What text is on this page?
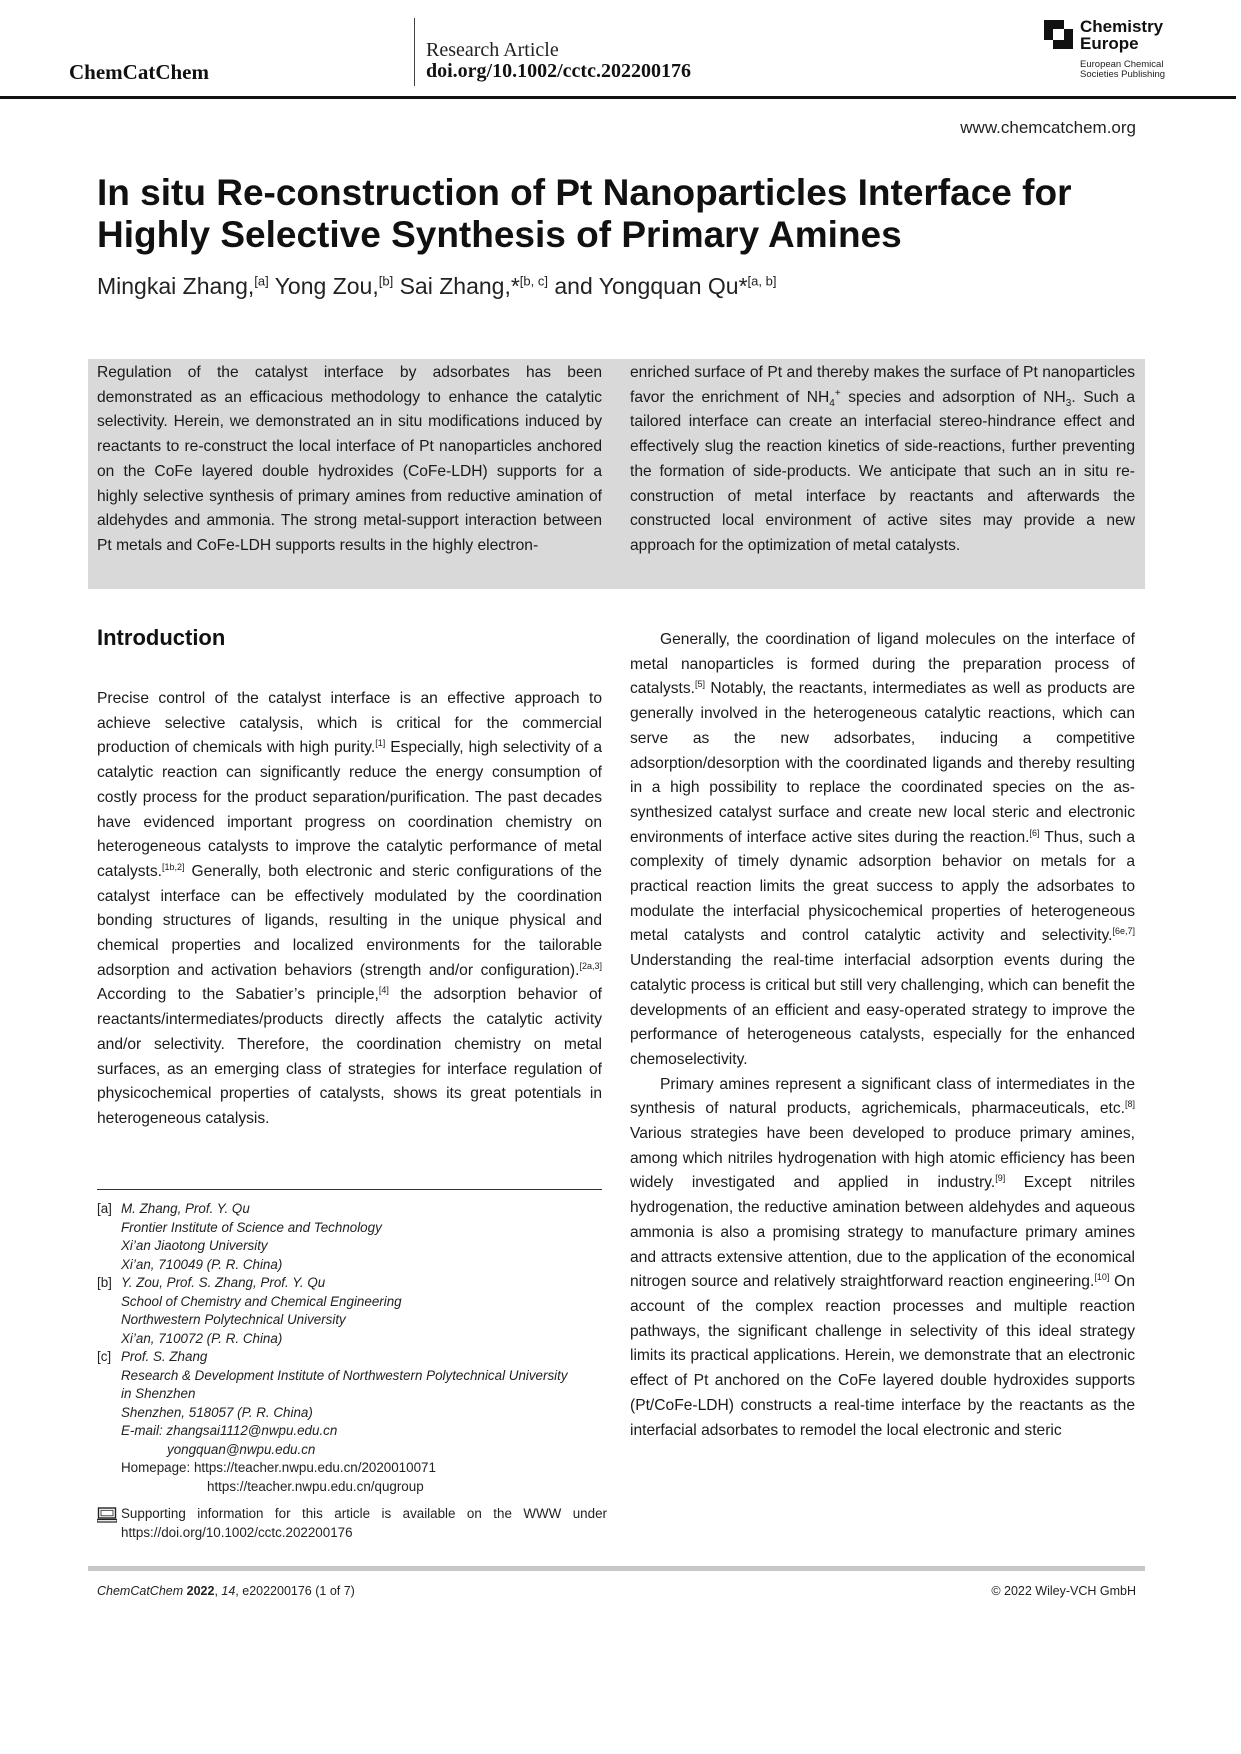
ChemCatChem
Research Article
doi.org/10.1002/cctc.202200176
Chemistry
Europe
European Chemical
Societies Publishing
www.chemcatchem.org
In situ Re-construction of Pt Nanoparticles Interface for Highly Selective Synthesis of Primary Amines
Mingkai Zhang,[a] Yong Zou,[b] Sai Zhang,*[b, c] and Yongquan Qu*[a, b]
Regulation of the catalyst interface by adsorbates has been demonstrated as an efficacious methodology to enhance the catalytic selectivity. Herein, we demonstrated an in situ modifications induced by reactants to re-construct the local interface of Pt nanoparticles anchored on the CoFe layered double hydroxides (CoFe-LDH) supports for a highly selective synthesis of primary amines from reductive amination of aldehydes and ammonia. The strong metal-support interaction between Pt metals and CoFe-LDH supports results in the highly electron-
enriched surface of Pt and thereby makes the surface of Pt nanoparticles favor the enrichment of $NH_4^+$ species and adsorption of $NH_3$. Such a tailored interface can create an interfacial stereo-hindrance effect and effectively slug the reaction kinetics of side-reactions, further preventing the formation of side-products. We anticipate that such an in situ re-construction of metal interface by reactants and afterwards the constructed local environment of active sites may provide a new approach for the optimization of metal catalysts.
Introduction

Precise control of the catalyst interface is an effective approach to achieve selective catalysis, which is critical for the commercial production of chemicals with high purity.[1] Especially, high selectivity of a catalytic reaction can significantly reduce the energy consumption of costly process for the product separation/purification. The past decades have evidenced important progress on coordination chemistry on heterogeneous catalysts to improve the catalytic performance of metal catalysts.[1b,2] Generally, both electronic and steric configurations of the catalyst interface can be effectively modulated by the coordination bonding structures of ligands, resulting in the unique physical and chemical properties and localized environments for the tailorable adsorption and activation behaviors (strength and/or configuration).[2a,3] According to the Sabatier’s principle,[4] the adsorption behavior of reactants/intermediates/products directly affects the catalytic activity and/or selectivity. Therefore, the coordination chemistry on metal surfaces, as an emerging class of strategies for interface regulation of physicochemical properties of catalysts, shows its great potentials in heterogeneous catalysis.

Generally, the coordination of ligand molecules on the interface of metal nanoparticles is formed during the preparation process of catalysts.[5] Notably, the reactants, intermediates as well as products are generally involved in the heterogeneous catalytic reactions, which can serve as the new adsorbates, inducing a competitive adsorption/desorption with the coordinated ligands and thereby resulting in a high possibility to replace the coordinated species on the as-synthesized catalyst surface and create new local steric and electronic environments of interface active sites during the reaction.[6] Thus, such a complexity of timely dynamic adsorption behavior on metals for a practical reaction limits the great success to apply the adsorbates to modulate the interfacial physicochemical properties of heterogeneous metal catalysts and control catalytic activity and selectivity.[6e,7] Understanding the real-time interfacial adsorption events during the catalytic process is critical but still very challenging, which can benefit the developments of an efficient and easy-operated strategy to improve the performance of heterogeneous catalysts, especially for the enhanced chemoselectivity.

Primary amines represent a significant class of intermediates in the synthesis of natural products, agrichemicals, pharmaceuticals, etc.[8] Various strategies have been developed to produce primary amines, among which nitriles hydrogenation with high atomic efficiency has been widely investigated and applied in industry.[9] Except nitriles hydrogenation, the reductive amination between aldehydes and aqueous ammonia is also a promising strategy to manufacture primary amines and attracts extensive attention, due to the application of the economical nitrogen source and relatively straightforward reaction engineering.[10] On account of the complex reaction processes and multiple reaction pathways, the significant challenge in selectivity of this ideal strategy limits its practical applications. Herein, we demonstrate that an electronic effect of Pt anchored on the CoFe layered double hydroxides supports (Pt/CoFe-LDH) constructs a real-time interface by the reactants as the interfacial adsorbates to remodel the local electronic and steric

[a] M. Zhang, Prof. Y. Qu
Frontier Institute of Science and Technology
Xi’an Jiaotong University
Xi’an, 710049 (P. R. China)
[b] Y. Zou, Prof. S. Zhang, Prof. Y. Qu
School of Chemistry and Chemical Engineering
Northwestern Polytechnical University
Xi’an, 710072 (P. R. China)
[c] Prof. S. Zhang
Research & Development Institute of Northwestern Polytechnical University
in Shenzhen
Shenzhen, 518057 (P. R. China)
E-mail: zhangsai1112@nwpu.edu.cn
yongquan@nwpu.edu.cn
Homepage: https://teacher.nwpu.edu.cn/2020010071
https://teacher.nwpu.edu.cn/qugroup
Supporting information for this article is available on the WWW under https://doi.org/10.1002/cctc.202200176
ChemCatChem 2022, 14, e202200176 (1 of 7)	© 2022 Wiley-VCH GmbH
